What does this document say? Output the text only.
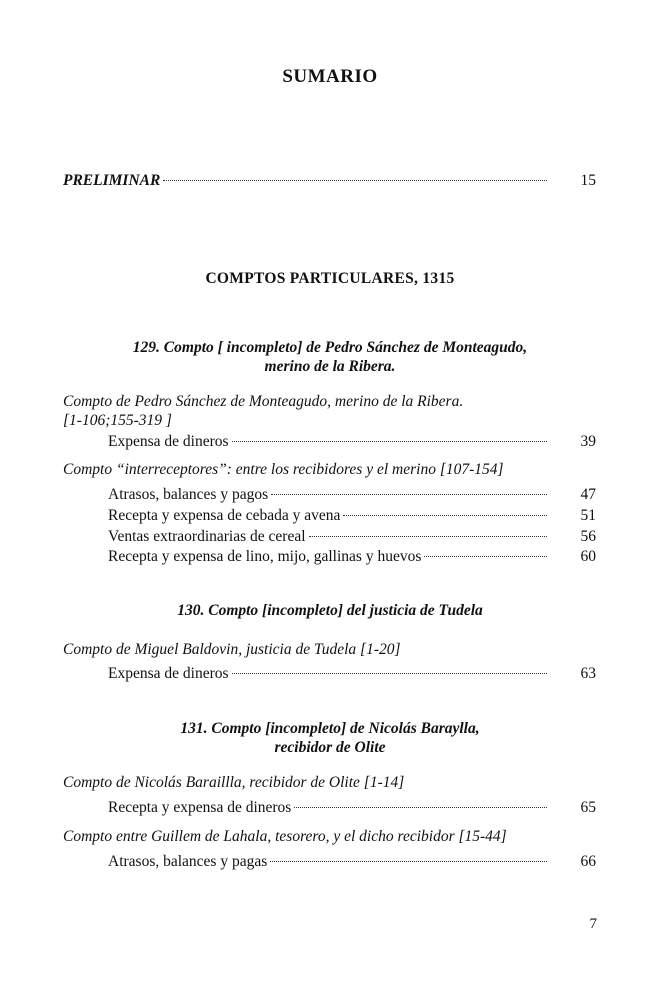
SUMARIO
PRELIMINAR	15
COMPTOS PARTICULARES, 1315
129. Compto [ incompleto] de Pedro Sánchez de Monteagudo,
merino de la Ribera.
Compto de Pedro Sánchez de Monteagudo, merino de la Ribera.
[1-106;155-319 ]
Expensa de dineros	39
Compto “interreceptores”: entre los recibidores y el merino [107-154]
Atrasos, balances y pagos	47
Recepta y expensa de cebada y avena	51
Ventas extraordinarias de cereal	56
Recepta y expensa de lino, mijo, gallinas y huevos	60
130. Compto [incompleto] del justicia de Tudela
Compto de Miguel Baldovin, justicia de Tudela [1-20]
Expensa de dineros	63
131. Compto [incompleto] de Nicolás Baraylla,
recibidor de Olite
Compto de Nicolás Baraillla, recibidor de Olite [1-14]
Recepta y expensa de dineros	65
Compto entre Guillem de Lahala, tesorero, y el dicho recibidor [15-44]
Atrasos, balances y pagas	66
7
